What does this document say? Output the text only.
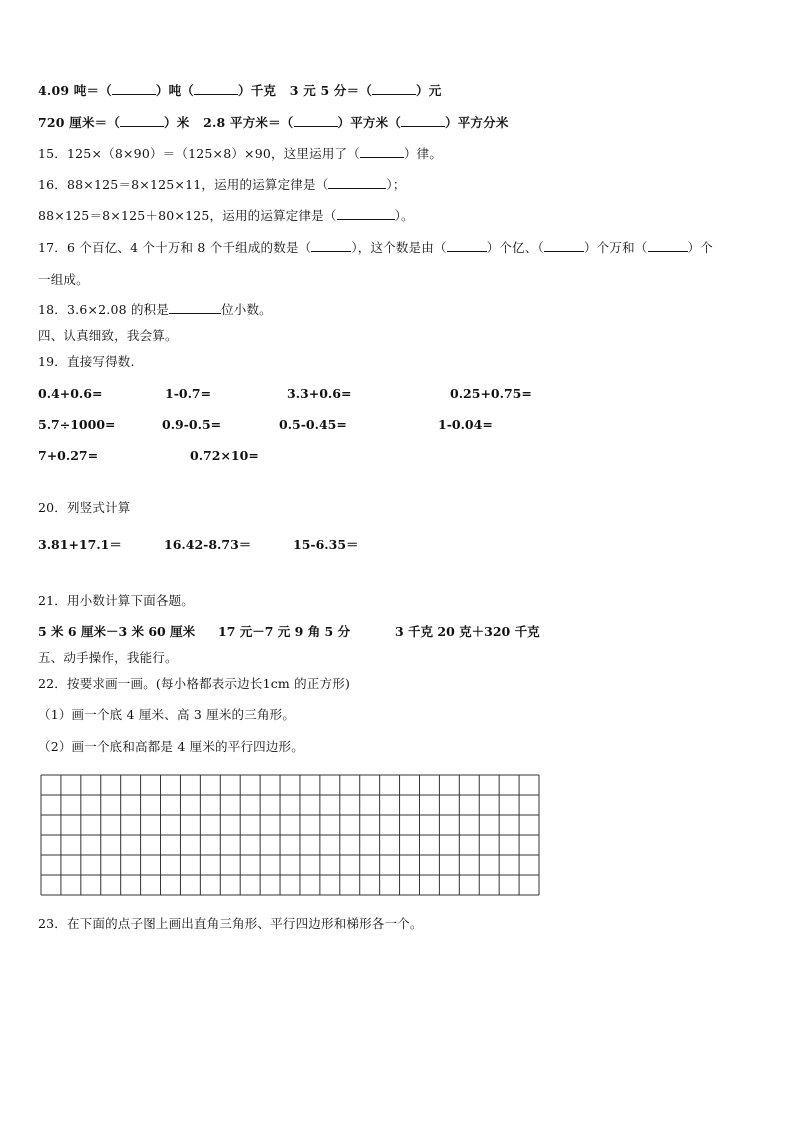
4.09 吨＝（	）吨（	）千克 3 元 5 分＝（	）元
720 厘米＝（	）米 2.8 平方米＝（	）平方米（	）平方分米
15．125×（8×90）＝（125×8）×90，这里运用了（	）律。
16．88×125＝8×125×11，运用的运算定律是（	）；
88×125＝8×125＋80×125，运用的运算定律是（	）。
17．6 个百亿、4 个十万和 8 个千组成的数是（	），这个数是由（	）个亿、（	）个万和（	）个
一组成。
18．3.6×2.08 的积是	位小数。
四、认真细致，我会算。
19．直接写得数.
0.4+0.6=	1-0.7=	3.3+0.6=	0.25+0.75=
5.7÷1000=	0.9-0.5=	0.5-0.45=	1-0.04=
7+0.27=	0.72×10=
20．列竖式计算
3.81+17.1＝	16.42-8.73＝	15-6.35＝
21．用小数计算下面各题。
5 米 6 厘米－3 米 60 厘米 17 元－7 元 9 角 5 分	3 千克 20 克＋320 千克
五、动手操作，我能行。
22．按要求画一画。(每小格都表示边长1cm 的正方形)
（1）画一个底 4 厘米、高 3 厘米的三角形。
（2）画一个底和高都是 4 厘米的平行四边形。
23．在下面的点子图上画出直角三角形、平行四边形和梯形各一个。
